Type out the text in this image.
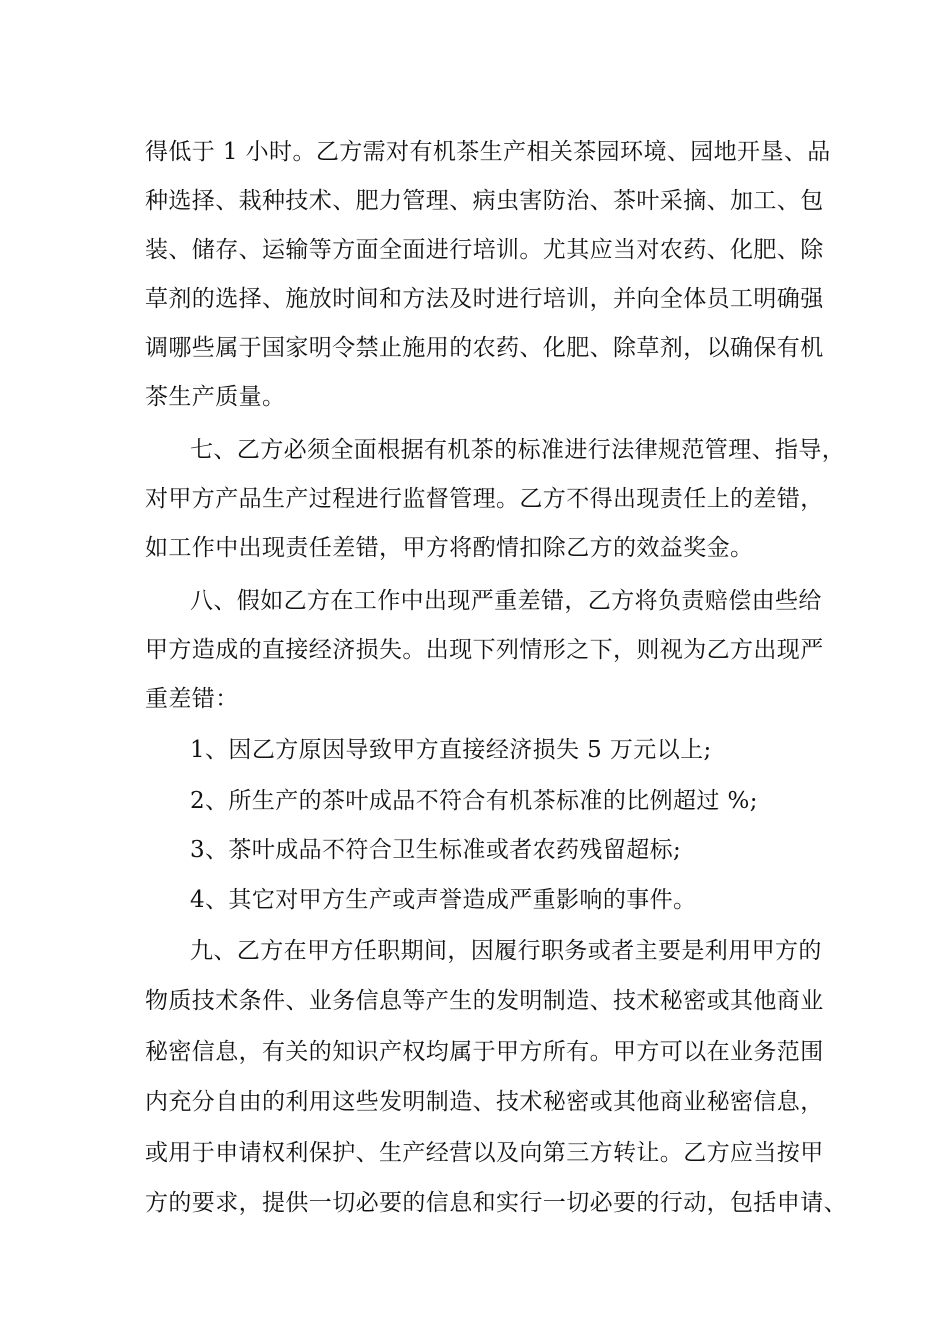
得低于 1 小时。乙方需对有机茶生产相关茶园环境、园地开垦、品
种选择、栽种技术、肥力管理、病虫害防治、茶叶采摘、加工、包
装、储存、运输等方面全面进行培训。尤其应当对农药、化肥、除
草剂的选择、施放时间和方法及时进行培训，并向全体员工明确强
调哪些属于国家明令禁止施用的农药、化肥、除草剂，以确保有机
茶生产质量。
七、乙方必须全面根据有机茶的标准进行法律规范管理、指导，
对甲方产品生产过程进行监督管理。乙方不得出现责任上的差错，
如工作中出现责任差错，甲方将酌情扣除乙方的效益奖金。
八、假如乙方在工作中出现严重差错，乙方将负责赔偿由些给
甲方造成的直接经济损失。出现下列情形之下，则视为乙方出现严
重差错：
1、因乙方原因导致甲方直接经济损失 5 万元以上;
2、所生产的茶叶成品不符合有机茶标准的比例超过 %;
3、茶叶成品不符合卫生标准或者农药残留超标;
4、其它对甲方生产或声誉造成严重影响的事件。
九、乙方在甲方任职期间，因履行职务或者主要是利用甲方的
物质技术条件、业务信息等产生的发明制造、技术秘密或其他商业
秘密信息，有关的知识产权均属于甲方所有。甲方可以在业务范围
内充分自由的利用这些发明制造、技术秘密或其他商业秘密信息，
或用于申请权利保护、生产经营以及向第三方转让。乙方应当按甲
方的要求，提供一切必要的信息和实行一切必要的行动，包括申请、
